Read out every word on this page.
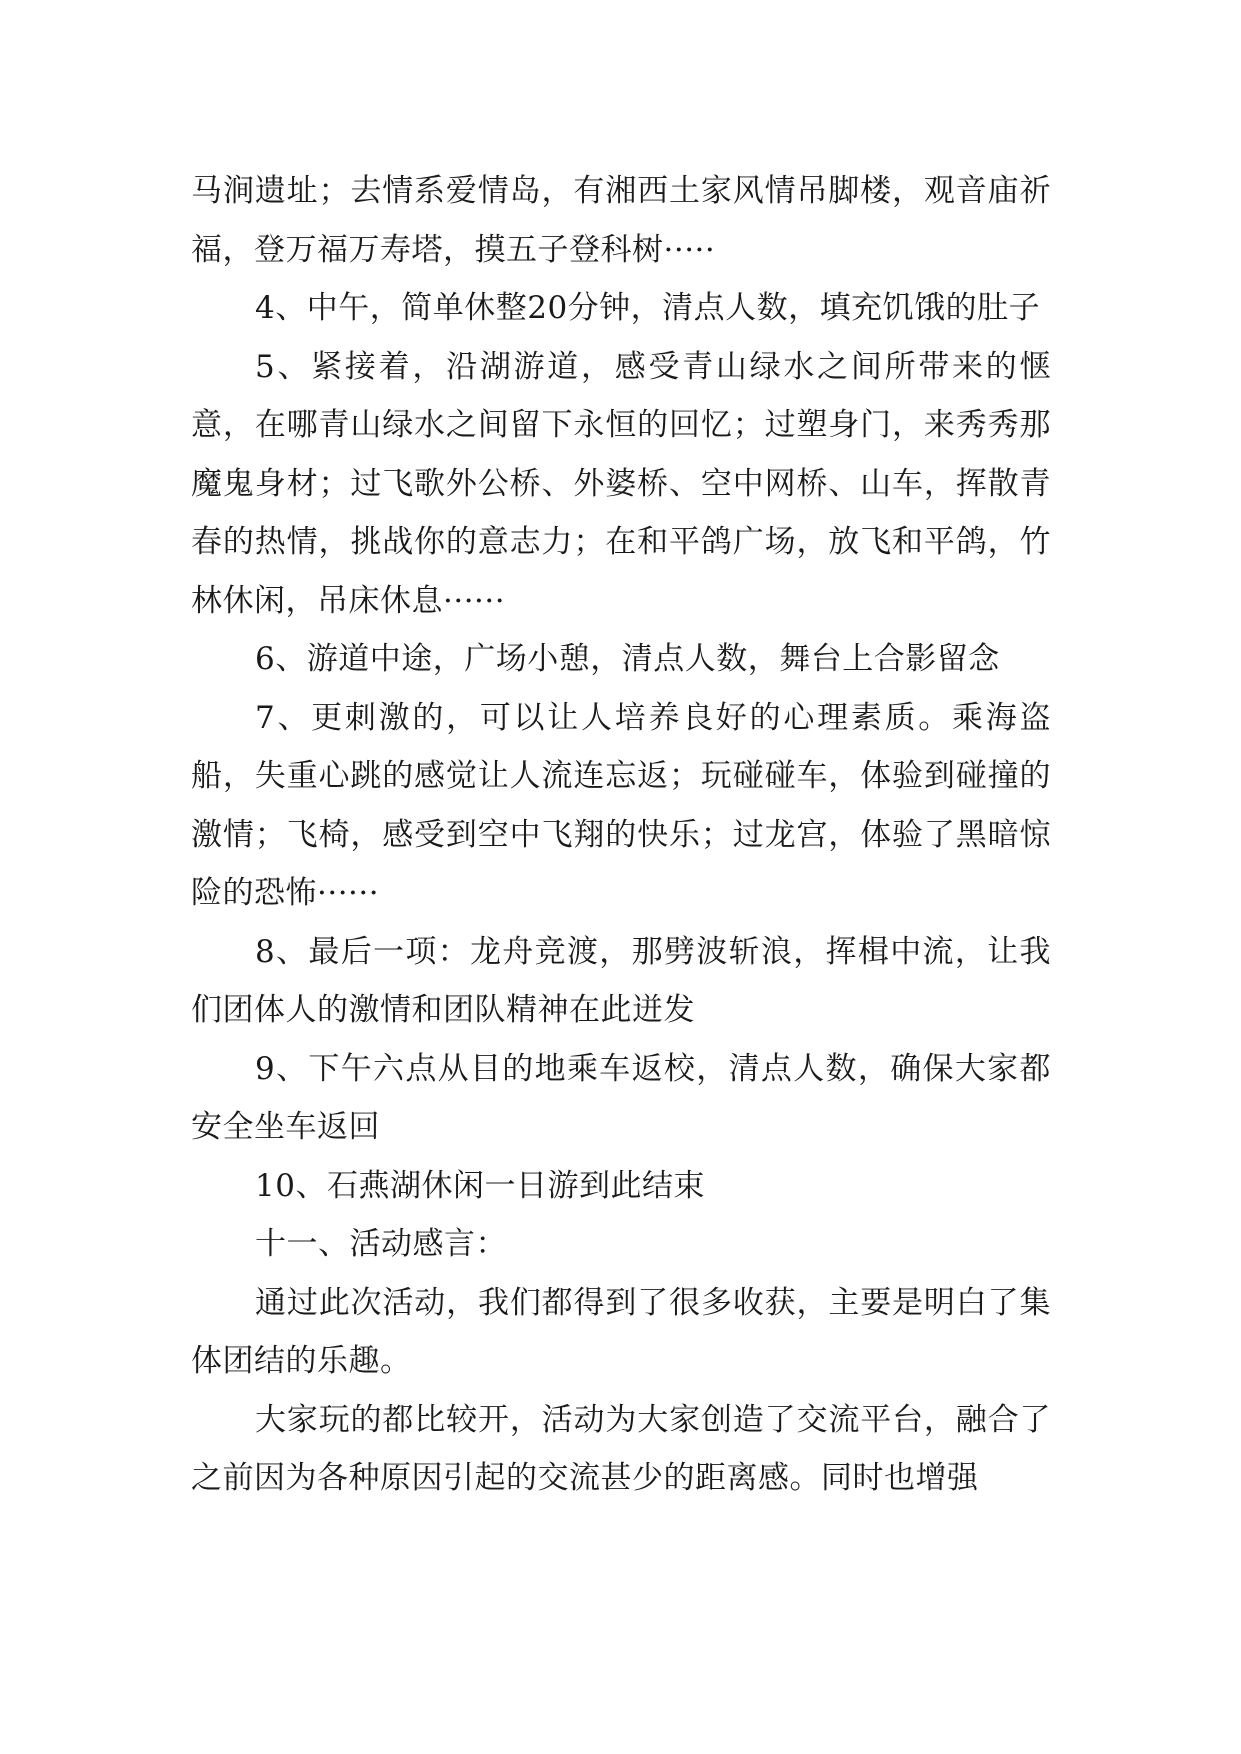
马涧遗址；去情系爱情岛，有湘西土家风情吊脚楼，观音庙祈福，登万福万寿塔，摸五子登科树·····

4、中午，简单休整20分钟，清点人数，填充饥饿的肚子

5、紧接着，沿湖游道，感受青山绿水之间所带来的惬意，在哪青山绿水之间留下永恒的回忆；过塑身门，来秀秀那魔鬼身材；过飞歌外公桥、外婆桥、空中网桥、山车，挥散青春的热情，挑战你的意志力；在和平鸽广场，放飞和平鸽，竹林休闲，吊床休息······

6、游道中途，广场小憩，清点人数，舞台上合影留念

7、更刺激的，可以让人培养良好的心理素质。乘海盗船，失重心跳的感觉让人流连忘返；玩碰碰车，体验到碰撞的激情；飞椅，感受到空中飞翔的快乐；过龙宫，体验了黑暗惊险的恐怖······

8、最后一项：龙舟竞渡，那劈波斩浪，挥楫中流，让我们团体人的激情和团队精神在此迸发

9、下午六点从目的地乘车返校，清点人数，确保大家都安全坐车返回

10、石燕湖休闲一日游到此结束

十一、活动感言：

通过此次活动，我们都得到了很多收获，主要是明白了集体团结的乐趣。

大家玩的都比较开，活动为大家创造了交流平台，融合了之前因为各种原因引起的交流甚少的距离感。同时也增强
